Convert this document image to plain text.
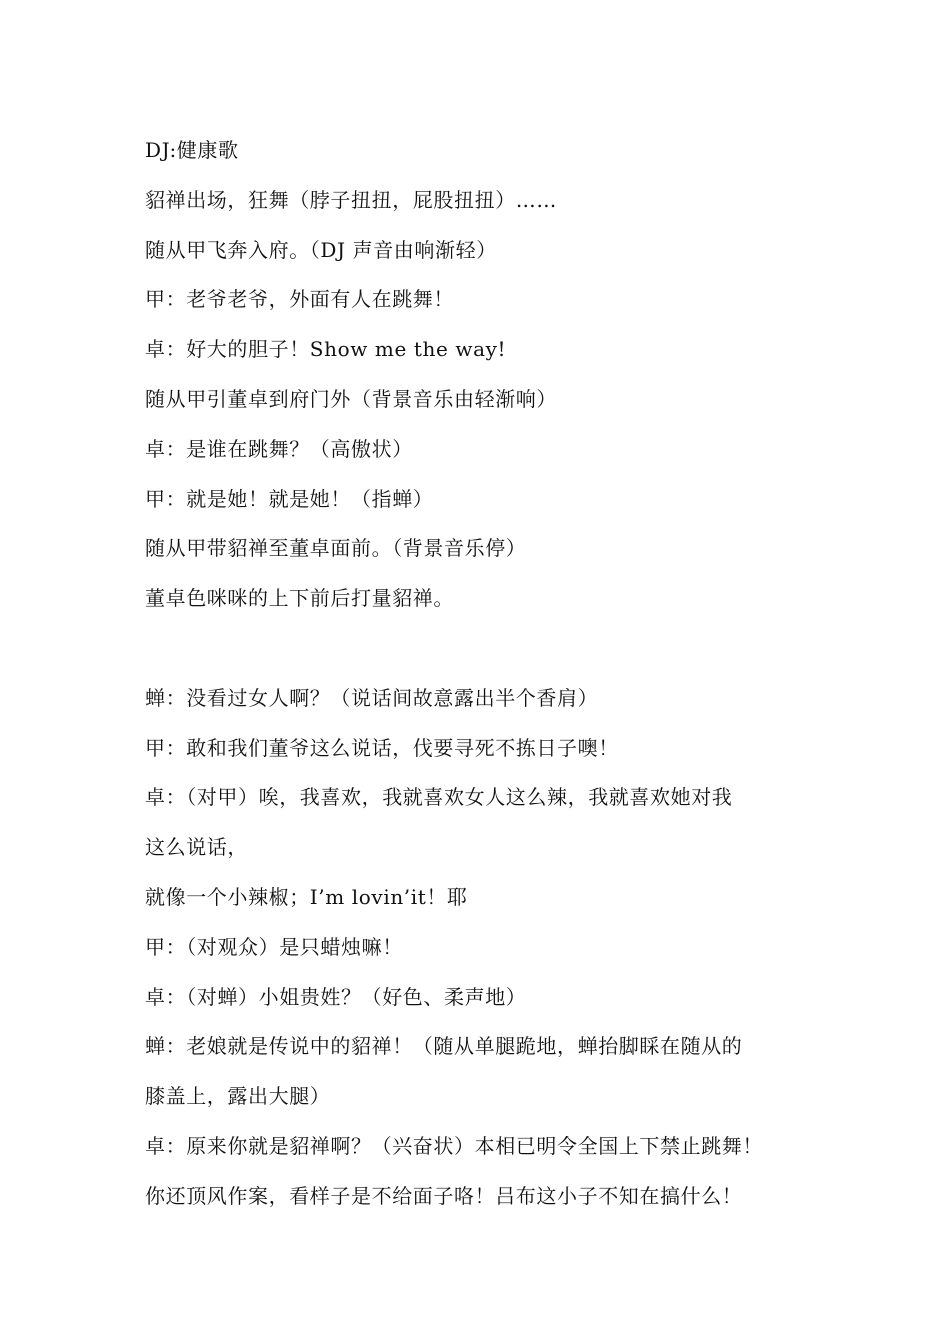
DJ:健康歌
貂禅出场，狂舞（脖子扭扭，屁股扭扭）……
随从甲飞奔入府。（DJ 声音由响渐轻）
甲：老爷老爷，外面有人在跳舞！
卓：好大的胆子！Show me the way!
随从甲引董卓到府门外（背景音乐由轻渐响）
卓：是谁在跳舞？（高傲状）
甲：就是她！就是她！（指蝉）
随从甲带貂禅至董卓面前。（背景音乐停）
董卓色咪咪的上下前后打量貂禅。
蝉：没看过女人啊？（说话间故意露出半个香肩）
甲：敢和我们董爷这么说话，伐要寻死不拣日子噢！
卓：（对甲）唉，我喜欢，我就喜欢女人这么辣，我就喜欢她对我
这么说话，
就像一个小辣椒；I’m lovin’it！耶
甲：（对观众）是只蜡烛嘛！
卓：（对蝉）小姐贵姓？（好色、柔声地）
蝉：老娘就是传说中的貂禅！（随从单腿跪地，蝉抬脚睬在随从的
膝盖上，露出大腿）
卓：原来你就是貂禅啊？（兴奋状）本相已明令全国上下禁止跳舞！
你还顶风作案，看样子是不给面子咯！吕布这小子不知在搞什么！
